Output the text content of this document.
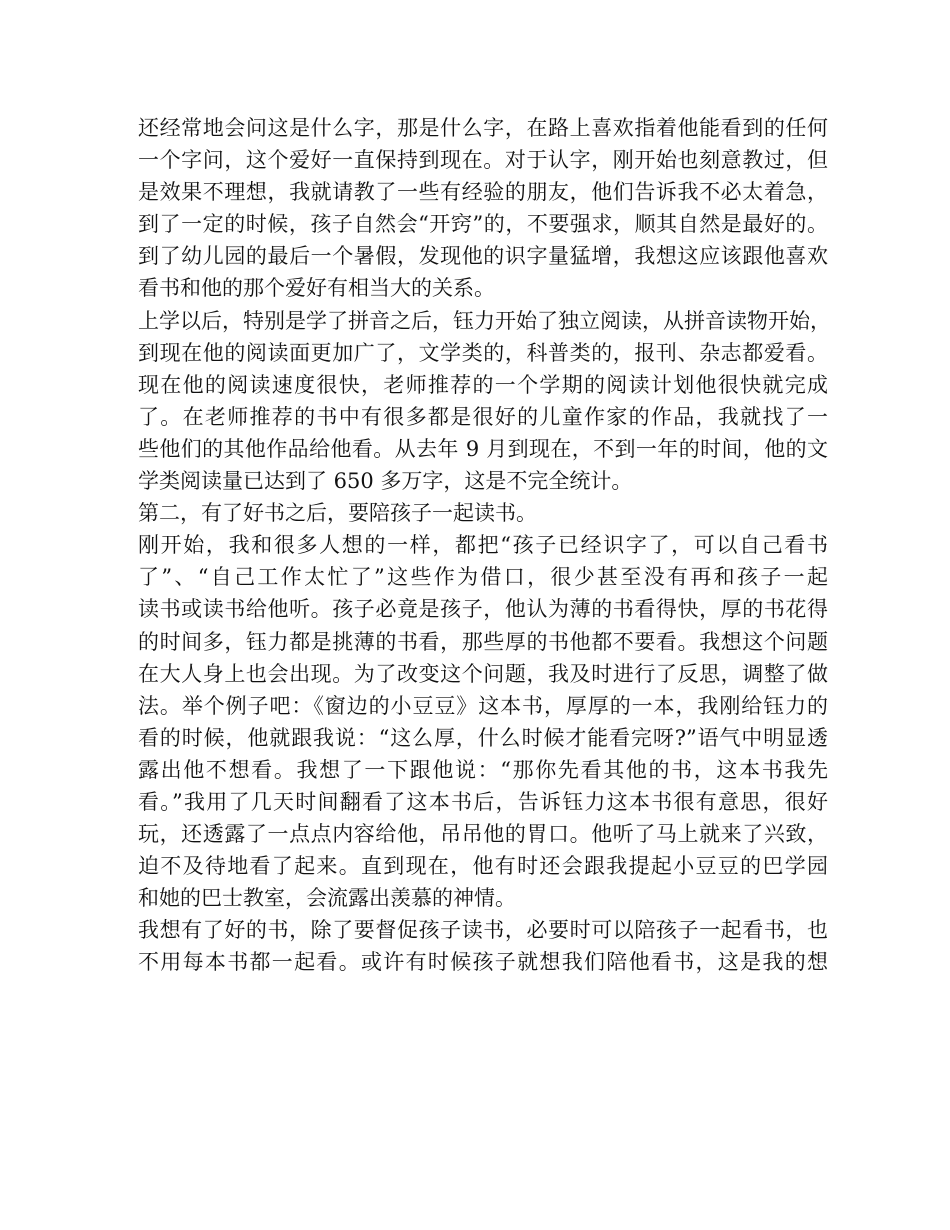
还经常地会问这是什么字，那是什么字，在路上喜欢指着他能看到的任何
一个字问，这个爱好一直保持到现在。对于认字，刚开始也刻意教过，但
是效果不理想，我就请教了一些有经验的朋友，他们告诉我不必太着急，
到了一定的时候，孩子自然会“开窍”的，不要强求，顺其自然是最好的。
到了幼儿园的最后一个暑假，发现他的识字量猛增，我想这应该跟他喜欢
看书和他的那个爱好有相当大的关系。
上学以后，特别是学了拼音之后，钰力开始了独立阅读，从拼音读物开始，
到现在他的阅读面更加广了，文学类的，科普类的，报刊、杂志都爱看。
现在他的阅读速度很快，老师推荐的一个学期的阅读计划他很快就完成
了。在老师推荐的书中有很多都是很好的儿童作家的作品，我就找了一
些他们的其他作品给他看。从去年 9 月到现在，不到一年的时间，他的文
学类阅读量已达到了 650 多万字，这是不完全统计。
第二，有了好书之后，要陪孩子一起读书。
刚开始，我和很多人想的一样，都把“孩子已经识字了，可以自己看书
了”、“自己工作太忙了”这些作为借口，很少甚至没有再和孩子一起
读书或读书给他听。孩子必竟是孩子，他认为薄的书看得快，厚的书花得
的时间多，钰力都是挑薄的书看，那些厚的书他都不要看。我想这个问题
在大人身上也会出现。为了改变这个问题，我及时进行了反思，调整了做
法。举个例子吧：《窗边的小豆豆》这本书，厚厚的一本，我刚给钰力的
看的时候，他就跟我说：“这么厚，什么时候才能看完呀?”语气中明显透
露出他不想看。我想了一下跟他说：“那你先看其他的书，这本书我先
看。”我用了几天时间翻看了这本书后，告诉钰力这本书很有意思，很好
玩，还透露了一点点内容给他，吊吊他的胃口。他听了马上就来了兴致，
迫不及待地看了起来。直到现在，他有时还会跟我提起小豆豆的巴学园
和她的巴士教室，会流露出羡慕的神情。
我想有了好的书，除了要督促孩子读书，必要时可以陪孩子一起看书，也
不用每本书都一起看。或许有时候孩子就想我们陪他看书，这是我的想
